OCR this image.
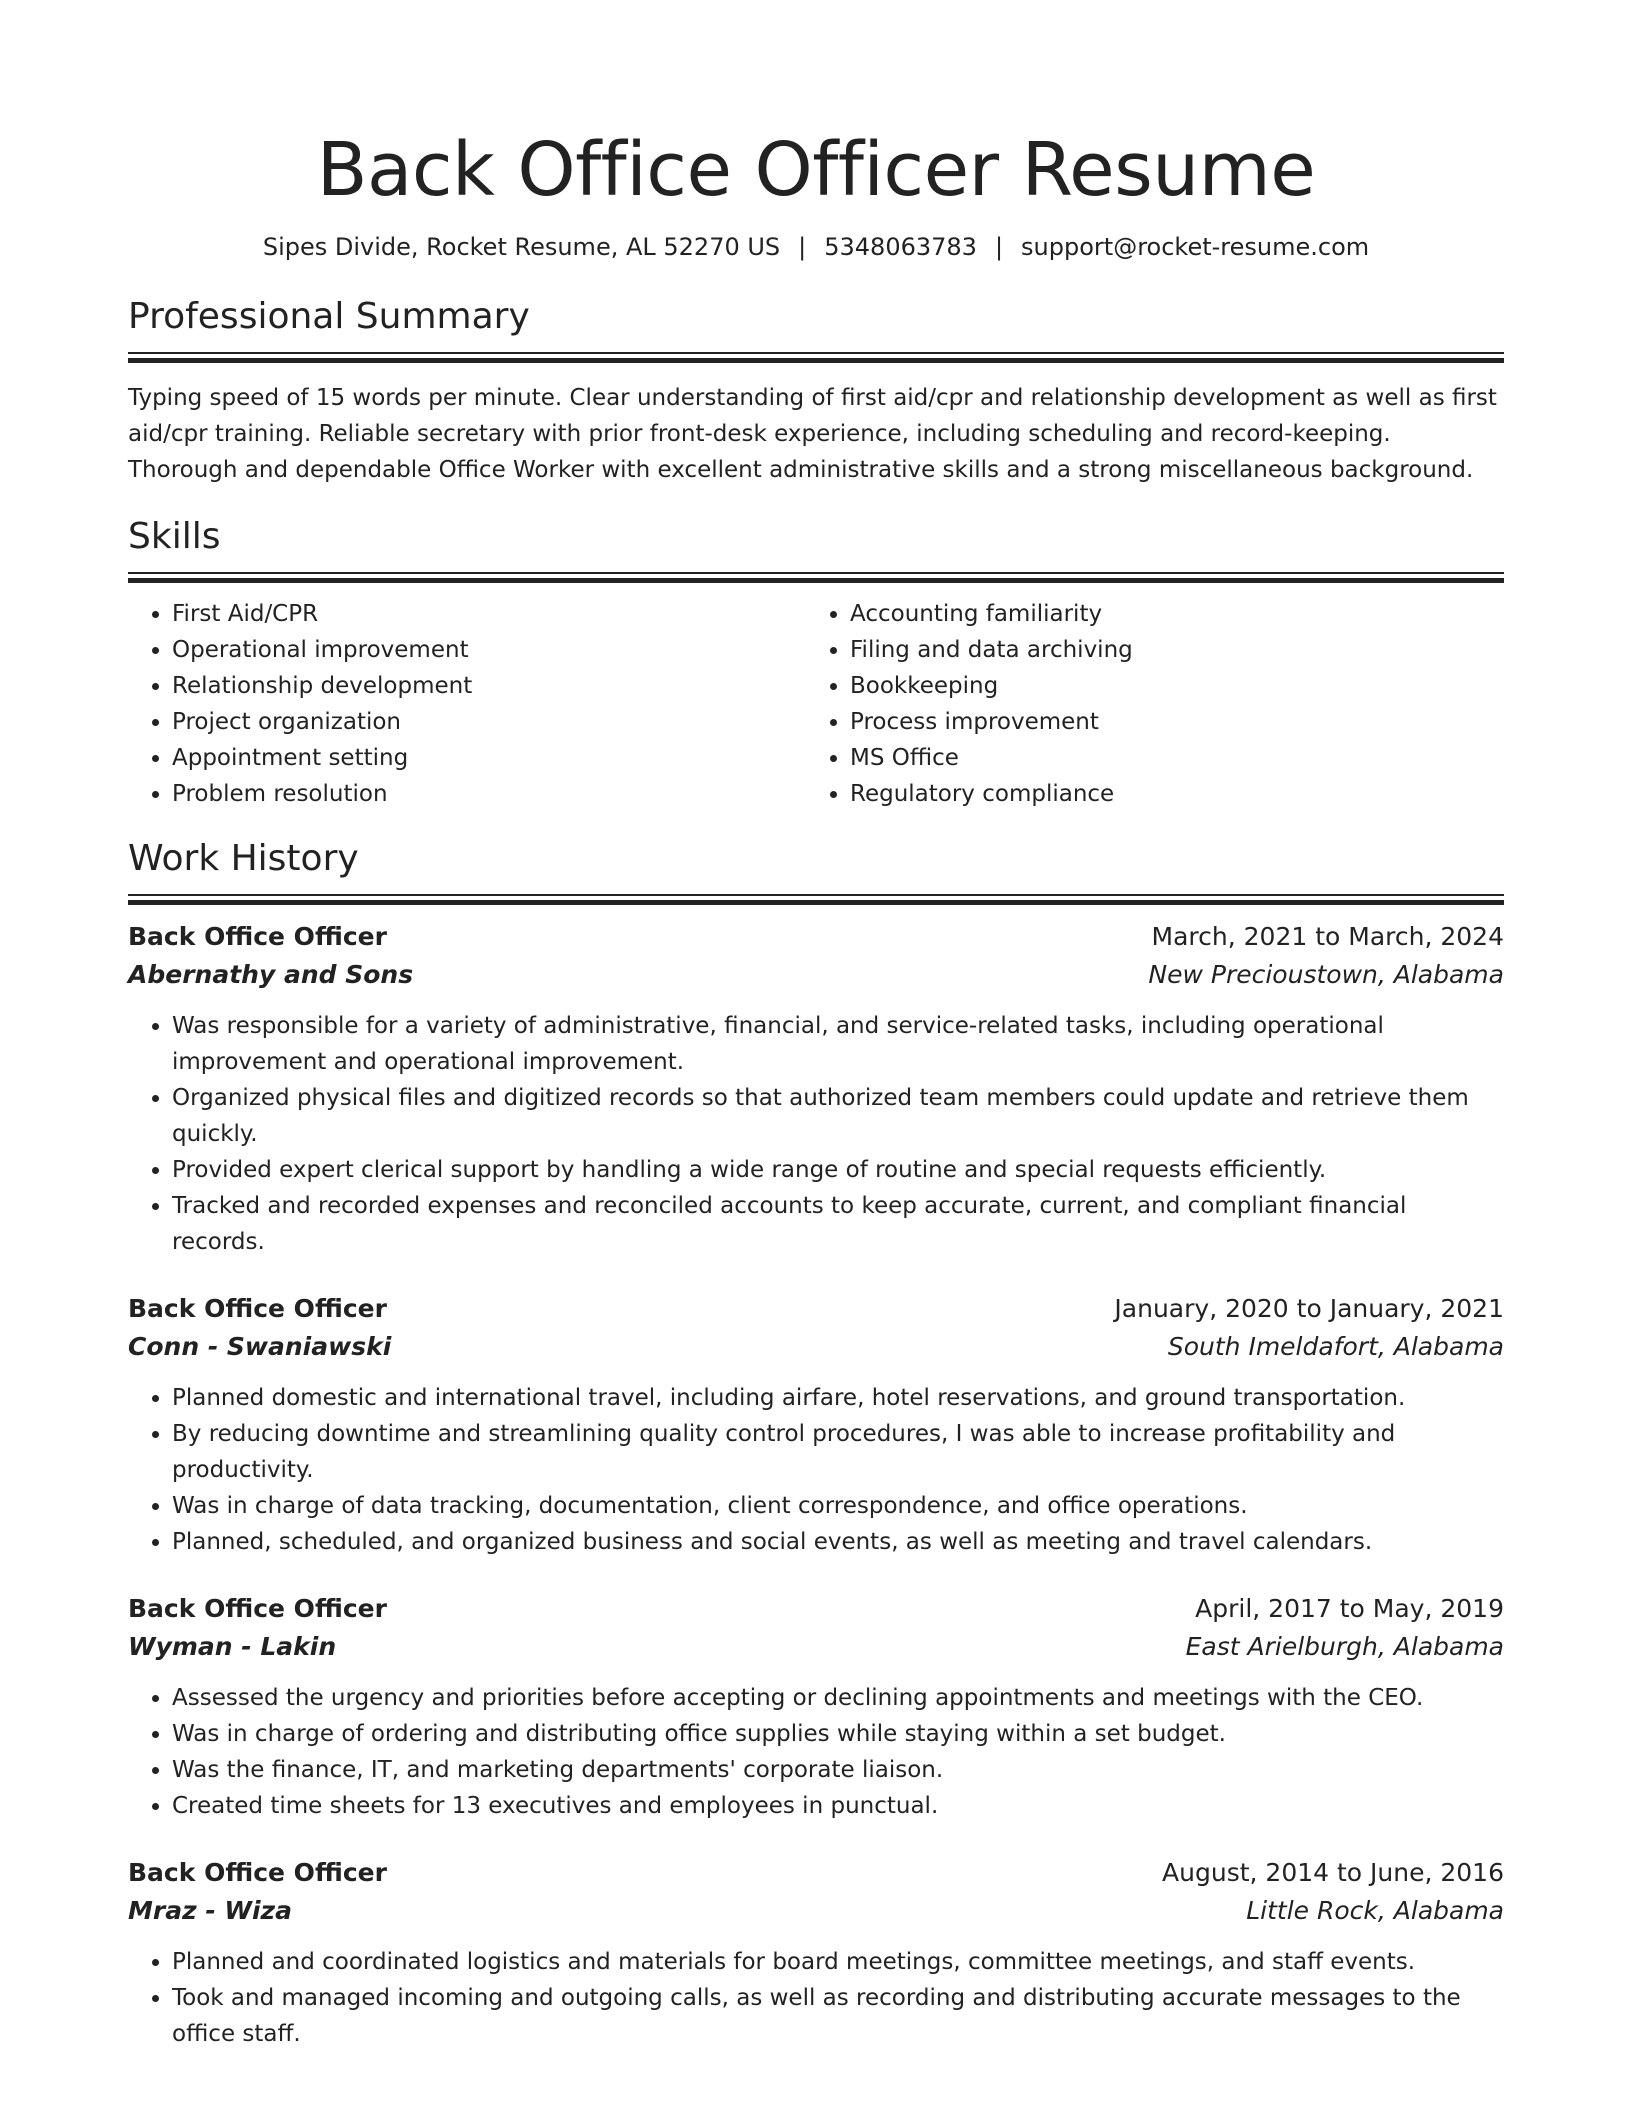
Back Office Officer Resume
Sipes Divide, Rocket Resume, AL 52270 US | 5348063783 | support@rocket-resume.com
Professional Summary
Typing speed of 15 words per minute. Clear understanding of first aid/cpr and relationship development as well as first aid/cpr training. Reliable secretary with prior front-desk experience, including scheduling and record-keeping. Thorough and dependable Office Worker with excellent administrative skills and a strong miscellaneous background.
Skills
• First Aid/CPR
• Operational improvement
• Relationship development
• Project organization
• Appointment setting
• Problem resolution
• Accounting familiarity
• Filing and data archiving
• Bookkeeping
• Process improvement
• MS Office
• Regulatory compliance
Work History
Back Office Officer	March, 2021 to March, 2024
Abernathy and Sons	New Precioustown, Alabama
• Was responsible for a variety of administrative, financial, and service-related tasks, including operational improvement and operational improvement.
• Organized physical files and digitized records so that authorized team members could update and retrieve them quickly.
• Provided expert clerical support by handling a wide range of routine and special requests efficiently.
• Tracked and recorded expenses and reconciled accounts to keep accurate, current, and compliant financial records.
Back Office Officer	January, 2020 to January, 2021
Conn - Swaniawski	South Imeldafort, Alabama
• Planned domestic and international travel, including airfare, hotel reservations, and ground transportation.
• By reducing downtime and streamlining quality control procedures, I was able to increase profitability and productivity.
• Was in charge of data tracking, documentation, client correspondence, and office operations.
• Planned, scheduled, and organized business and social events, as well as meeting and travel calendars.
Back Office Officer	April, 2017 to May, 2019
Wyman - Lakin	East Arielburgh, Alabama
• Assessed the urgency and priorities before accepting or declining appointments and meetings with the CEO.
• Was in charge of ordering and distributing office supplies while staying within a set budget.
• Was the finance, IT, and marketing departments' corporate liaison.
• Created time sheets for 13 executives and employees in punctual.
Back Office Officer	August, 2014 to June, 2016
Mraz - Wiza	Little Rock, Alabama
• Planned and coordinated logistics and materials for board meetings, committee meetings, and staff events.
• Took and managed incoming and outgoing calls, as well as recording and distributing accurate messages to the office staff.
